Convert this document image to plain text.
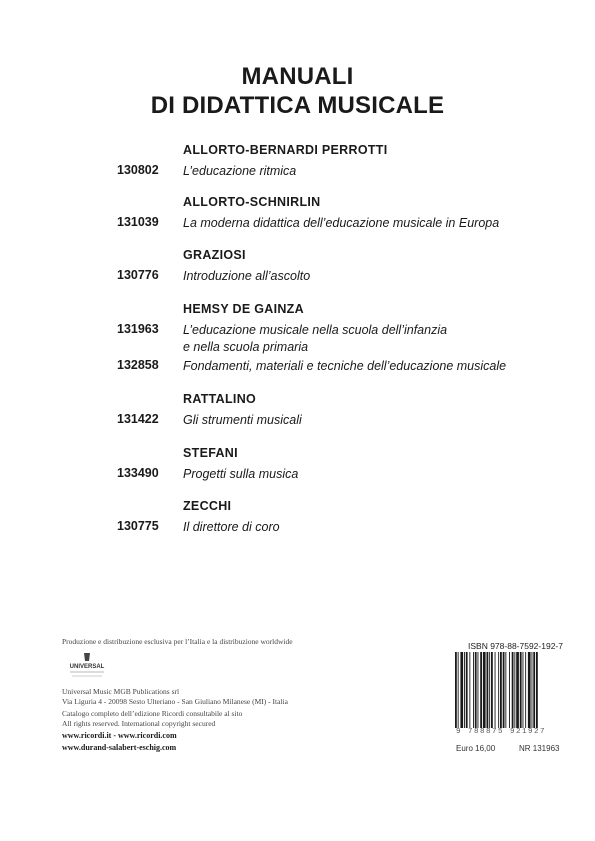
MANUALI
DI DIDATTICA MUSICALE
ALLORTO-BERNARDI PERROTTI
130802 L’educazione ritmica
ALLORTO-SCHNIRLIN
131039 La moderna didattica dell’educazione musicale in Europa
GRAZIOSI
130776 Introduzione all’ascolto
HEMSY DE GAINZA
131963 L’educazione musicale nella scuola dell’infanzia
e nella scuola primaria
132858 Fondamenti, materiali e tecniche dell’educazione musicale
RATTALINO
131422 Gli strumenti musicali
STEFANI
133490 Progetti sulla musica
ZECCHI
130775 Il direttore di coro
Produzione e distribuzione esclusiva per l’Italia e la distribuzione worldwide
UNIVERSAL
Universal Music MGB Publications srl
Via Liguria 4 - 20098 Sesto Ulteriano - San Giuliano Milanese (MI) - Italia
Catalogo completo dell’edizione Ricordi consultabile al sito
All rights reserved. International copyright secured
www.ricordi.it - www.ricordi.com
www.durand-salabert-eschig.com
ISBN 978-88-7592-192-7
9 788875 921927
Euro 16,00	NR 131963
